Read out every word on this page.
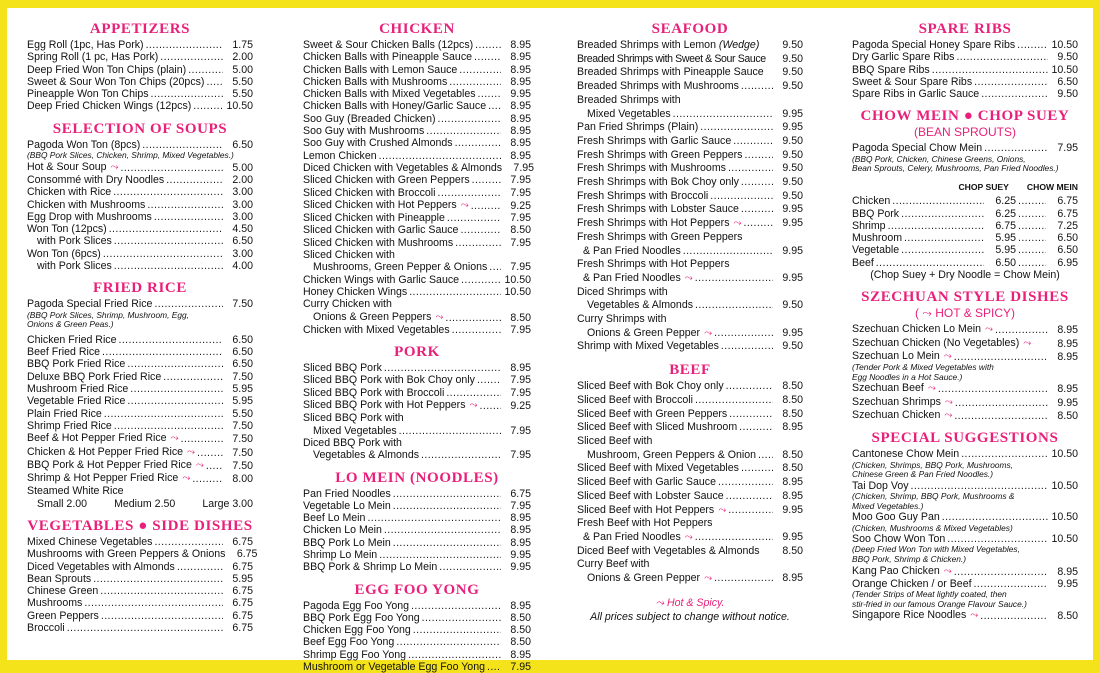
APPETIZERS
Egg Roll (1pc, Has Pork) .....	1.75
Spring Roll (1 pc, Has Pork) .....	2.00
Deep Fried Won Ton Chips (plain) .....	5.00
Sweet & Sour Won Ton Chips (20pcs) .....	5.50
Pineapple Won Ton Chips .....	5.50
Deep Fried Chicken Wings (12pcs) .....	10.50
SELECTION OF SOUPS
Pagoda Won Ton (8pcs) .....	6.50
(BBQ Pork Slices, Chicken, Shrimp, Mixed Vegetables.)
Hot & Sour Soup ⤳ .....	5.00
Consommé with Dry Noodles .....	2.00
Chicken with Rice .....	3.00
Chicken with Mushrooms .....	3.00
Egg Drop with Mushrooms .....	3.00
Won Ton (12pcs) .....	4.50
with Pork Slices .....	6.50
Won Ton (6pcs) .....	3.00
with Pork Slices .....	4.00
FRIED RICE
Pagoda Special Fried Rice .....	7.50
(BBQ Pork Slices, Shrimp, Mushroom, Egg,
Onions & Green Peas.)
Chicken Fried Rice .....	6.50
Beef Fried Rice .....	6.50
BBQ Pork Fried Rice .....	6.50
Deluxe BBQ Pork Fried Rice .....	7.50
Mushroom Fried Rice .....	5.95
Vegetable Fried Rice .....	5.95
Plain Fried Rice .....	5.50
Shrimp Fried Rice .....	7.50
Beef & Hot Pepper Fried Rice ⤳ .....	7.50
Chicken & Hot Pepper Fried Rice ⤳ .....	7.50
BBQ Pork & Hot Pepper Fried Rice ⤳ .....	7.50
Shrimp & Hot Pepper Fried Rice ⤳ .....	8.00
Steamed White Rice
Small 2.00	Medium 2.50	Large 3.00
VEGETABLES ● SIDE DISHES
Mixed Chinese Vegetables .....	6.75
Mushrooms with Green Peppers & Onions	6.75
Diced Vegetables with Almonds .....	6.75
Bean Sprouts .....	5.95
Chinese Green .....	6.75
Mushrooms .....	6.75
Green Peppers .....	6.75
Broccoli .....	6.75
CHICKEN
Sweet & Sour Chicken Balls (12pcs) .....	8.95
Chicken Balls with Pineapple Sauce .....	8.95
Chicken Balls with Lemon Sauce .....	8.95
Chicken Balls with Mushrooms .....	8.95
Chicken Balls with Mixed Vegetables .....	9.95
Chicken Balls with Honey/Garlic Sauce .....	8.95
Soo Guy (Breaded Chicken) .....	8.95
Soo Guy with Mushrooms .....	8.95
Soo Guy with Crushed Almonds .....	8.95
Lemon Chicken .....	8.95
Diced Chicken with Vegetables & Almonds	7.95
Sliced Chicken with Green Peppers .....	7.95
Sliced Chicken with Broccoli .....	7.95
Sliced Chicken with Hot Peppers ⤳ .....	9.25
Sliced Chicken with Pineapple .....	7.95
Sliced Chicken with Garlic Sauce .....	8.50
Sliced Chicken with Mushrooms .....	7.95
Sliced Chicken with
Mushrooms, Green Pepper & Onions .....	7.95
Chicken Wings with Garlic Sauce .....	10.50
Honey Chicken Wings .....	10.50
Curry Chicken with
Onions & Green Peppers ⤳ .....	8.50
Chicken with Mixed Vegetables .....	7.95
PORK
Sliced BBQ Pork .....	8.95
Sliced BBQ Pork with Bok Choy only .....	7.95
Sliced BBQ Pork with Broccoli .....	7.95
Sliced BBQ Pork with Hot Peppers ⤳ .....	9.25
Sliced BBQ Pork with
Mixed Vegetables .....	7.95
Diced BBQ Pork with
Vegetables & Almonds .....	7.95
LO MEIN (NOODLES)
Pan Fried Noodles .....	6.75
Vegetable Lo Mein .....	7.95
Beef Lo Mein .....	8.95
Chicken Lo Mein .....	8.95
BBQ Pork Lo Mein .....	8.95
Shrimp Lo Mein .....	9.95
BBQ Pork & Shrimp Lo Mein .....	9.95
EGG FOO YONG
Pagoda Egg Foo Yong .....	8.95
BBQ Pork Egg Foo Yong .....	8.50
Chicken Egg Foo Yong .....	8.50
Beef Egg Foo Yong .....	8.50
Shrimp Egg Foo Yong .....	8.95
Mushroom or Vegetable Egg Foo Yong .....	7.95
SEAFOOD
Breaded Shrimps with Lemon (Wedge)	9.50
Breaded Shrimps with Sweet & Sour Sauce	9.50
Breaded Shrimps with Pineapple Sauce	9.50
Breaded Shrimps with Mushrooms .....	9.50
Breaded Shrimps with
Mixed Vegetables .....	9.95
Pan Fried Shrimps (Plain) .....	9.95
Fresh Shrimps with Garlic Sauce .....	9.50
Fresh Shrimps with Green Peppers .....	9.50
Fresh Shrimps with Mushrooms .....	9.50
Fresh Shrimps with Bok Choy only .....	9.50
Fresh Shrimps with Broccoli .....	9.50
Fresh Shrimps with Lobster Sauce .....	9.95
Fresh Shrimps with Hot Peppers ⤳ .....	9.95
Fresh Shrimps with Green Peppers
& Pan Fried Noodles .....	9.95
Fresh Shrimps with Hot Peppers
& Pan Fried Noodles ⤳ .....	9.95
Diced Shrimps with
Vegetables & Almonds .....	9.50
Curry Shrimps with
Onions & Green Pepper ⤳ .....	9.95
Shrimp with Mixed Vegetables .....	9.50
BEEF
Sliced Beef with Bok Choy only .....	8.50
Sliced Beef with Broccoli .....	8.50
Sliced Beef with Green Peppers .....	8.50
Sliced Beef with Sliced Mushroom .....	8.95
Sliced Beef with
Mushroom, Green Peppers & Onion .....	8.50
Sliced Beef with Mixed Vegetables .....	8.50
Sliced Beef with Garlic Sauce .....	8.95
Sliced Beef with Lobster Sauce .....	8.95
Sliced Beef with Hot Peppers ⤳ .....	9.95
Fresh Beef with Hot Peppers
& Pan Fried Noodles ⤳ .....	9.95
Diced Beef with Vegetables & Almonds	8.50
Curry Beef with
Onions & Green Pepper ⤳ .....	8.95
⤳ Hot & Spicy.
All prices subject to change without notice.
SPARE RIBS
Pagoda Special Honey Spare Ribs .....	10.50
Dry Garlic Spare Ribs .....	9.50
BBQ Spare Ribs .....	10.50
Sweet & Sour Spare Ribs .....	6.50
Spare Ribs in Garlic Sauce .....	9.50
CHOW MEIN ● CHOP SUEY
(BEAN SPROUTS)
Pagoda Special Chow Mein .....	7.95
(BBQ Pork, Chicken, Chinese Greens, Onions,
Bean Sprouts, Celery, Mushrooms, Pan Fried Noodles.)
CHOP SUEY CHOW MEIN
Chicken .....	6.25 .....	6.75
BBQ Pork .....	6.25 .....	6.75
Shrimp .....	6.75 .....	7.25
Mushroom .....	5.95 .....	6.50
Vegetable .....	5.95 .....	6.50
Beef .....	6.50 .....	6.95
(Chop Suey + Dry Noodle = Chow Mein)
SZECHUAN STYLE DISHES
( ⤳ HOT & SPICY)
Szechuan Chicken Lo Mein ⤳ .....	8.95
Szechuan Chicken (No Vegetables) ⤳	8.95
Szechuan Lo Mein ⤳ .....	8.95
(Tender Pork & Mixed Vegetables with
Egg Noodles in a Hot Sauce.)
Szechuan Beef ⤳ .....	8.95
Szechuan Shrimps ⤳ .....	9.95
Szechuan Chicken ⤳ .....	8.50
SPECIAL SUGGESTIONS
Cantonese Chow Mein .....	10.50
(Chicken, Shrimps, BBQ Pork, Mushrooms,
Chinese Green & Pan Fried Noodles.)
Tai Dop Voy .....	10.50
(Chicken, Shrimp, BBQ Pork, Mushrooms &
Mixed Vegetables.)
Moo Goo Guy Pan .....	10.50
(Chicken, Mushrooms & Mixed Vegetables)
Soo Chow Won Ton .....	10.50
(Deep Fried Won Ton with Mixed Vegetables,
BBQ Pork, Shrimp & Chicken.)
Kang Pao Chicken ⤳ .....	8.95
Orange Chicken / or Beef .....	9.95
(Tender Strips of Meat lightly coated, then
stir-fried in our famous Orange Flavour Sauce.)
Singapore Rice Noodles ⤳ .....	8.50
